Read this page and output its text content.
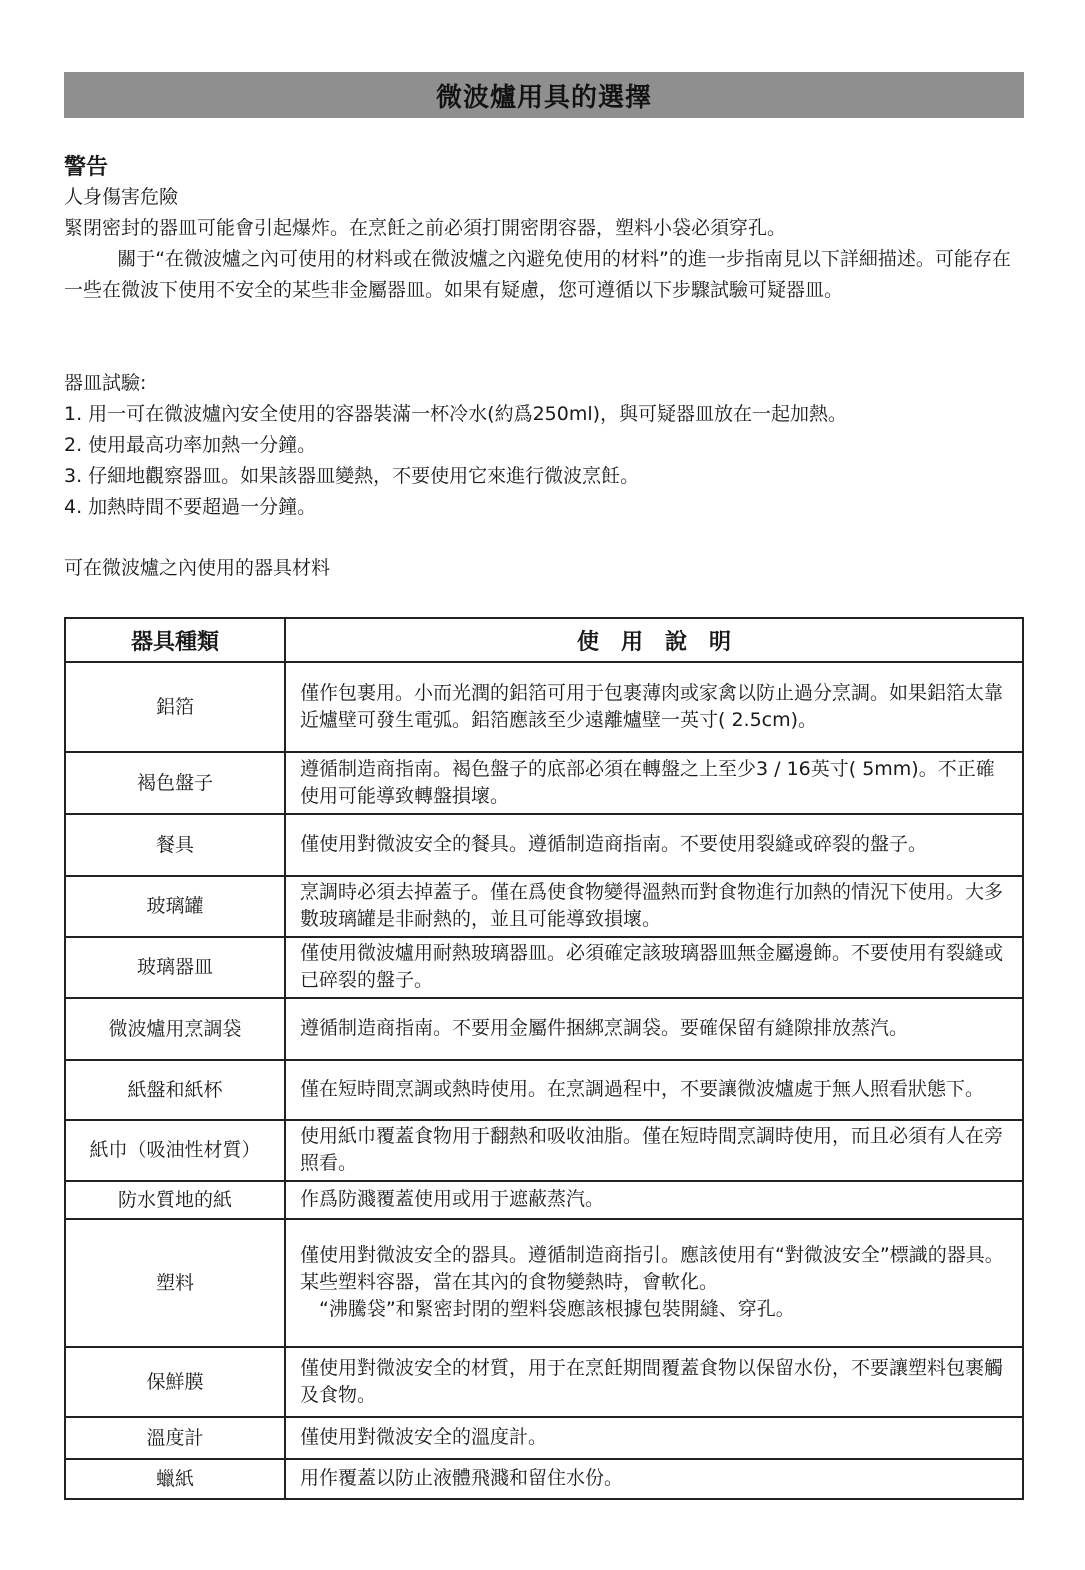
微波爐用具的選擇
警告

人身傷害危險

緊閉密封的器皿可能會引起爆炸。在烹飪之前必須打開密閉容器，塑料小袋必須穿孔。

關于“在微波爐之內可使用的材料或在微波爐之內避免使用的材料”的進一步指南見以下詳細描述。可能存在一些在微波下使用不安全的某些非金屬器皿。如果有疑慮，您可遵循以下步驟試驗可疑器皿。

器皿試驗:

1. 用一可在微波爐內安全使用的容器裝滿一杯冷水(約爲250ml)，與可疑器皿放在一起加熱。
2. 使用最高功率加熱一分鐘。
3. 仔細地觀察器皿。如果該器皿變熱，不要使用它來進行微波烹飪。
4. 加熱時間不要超過一分鐘。
可在微波爐之內使用的器具材料
器具種類	使　用　說　明
鋁箔	僅作包裹用。小而光潤的鋁箔可用于包裹薄肉或家禽以防止過分烹調。如果鋁箔太靠近爐壁可發生電弧。鋁箔應該至少遠離爐壁一英寸( 2.5cm)。
褐色盤子	遵循制造商指南。褐色盤子的底部必須在轉盤之上至少3 / 16英寸( 5mm)。不正確使用可能導致轉盤損壞。
餐具	僅使用對微波安全的餐具。遵循制造商指南。不要使用裂縫或碎裂的盤子。
玻璃罐	烹調時必須去掉蓋子。僅在爲使食物變得溫熱而對食物進行加熱的情況下使用。大多數玻璃罐是非耐熱的，並且可能導致損壞。
玻璃器皿	僅使用微波爐用耐熱玻璃器皿。必須確定該玻璃器皿無金屬邊飾。不要使用有裂縫或已碎裂的盤子。
微波爐用烹調袋	遵循制造商指南。不要用金屬件捆綁烹調袋。要確保留有縫隙排放蒸汽。
紙盤和紙杯	僅在短時間烹調或熱時使用。在烹調過程中，不要讓微波爐處于無人照看狀態下。
紙巾（吸油性材質）	使用紙巾覆蓋食物用于翻熱和吸收油脂。僅在短時間烹調時使用，而且必須有人在旁照看。
防水質地的紙	作爲防濺覆蓋使用或用于遮蔽蒸汽。
塑料	僅使用對微波安全的器具。遵循制造商指引。應該使用有“對微波安全”標識的器具。某些塑料容器，當在其內的食物變熱時，會軟化。
“沸騰袋”和緊密封閉的塑料袋應該根據包裝開縫、穿孔。

保鮮膜	僅使用對微波安全的材質，用于在烹飪期間覆蓋食物以保留水份，不要讓塑料包裹觸及食物。
溫度計	僅使用對微波安全的溫度計。
蠟紙	用作覆蓋以防止液體飛濺和留住水份。
